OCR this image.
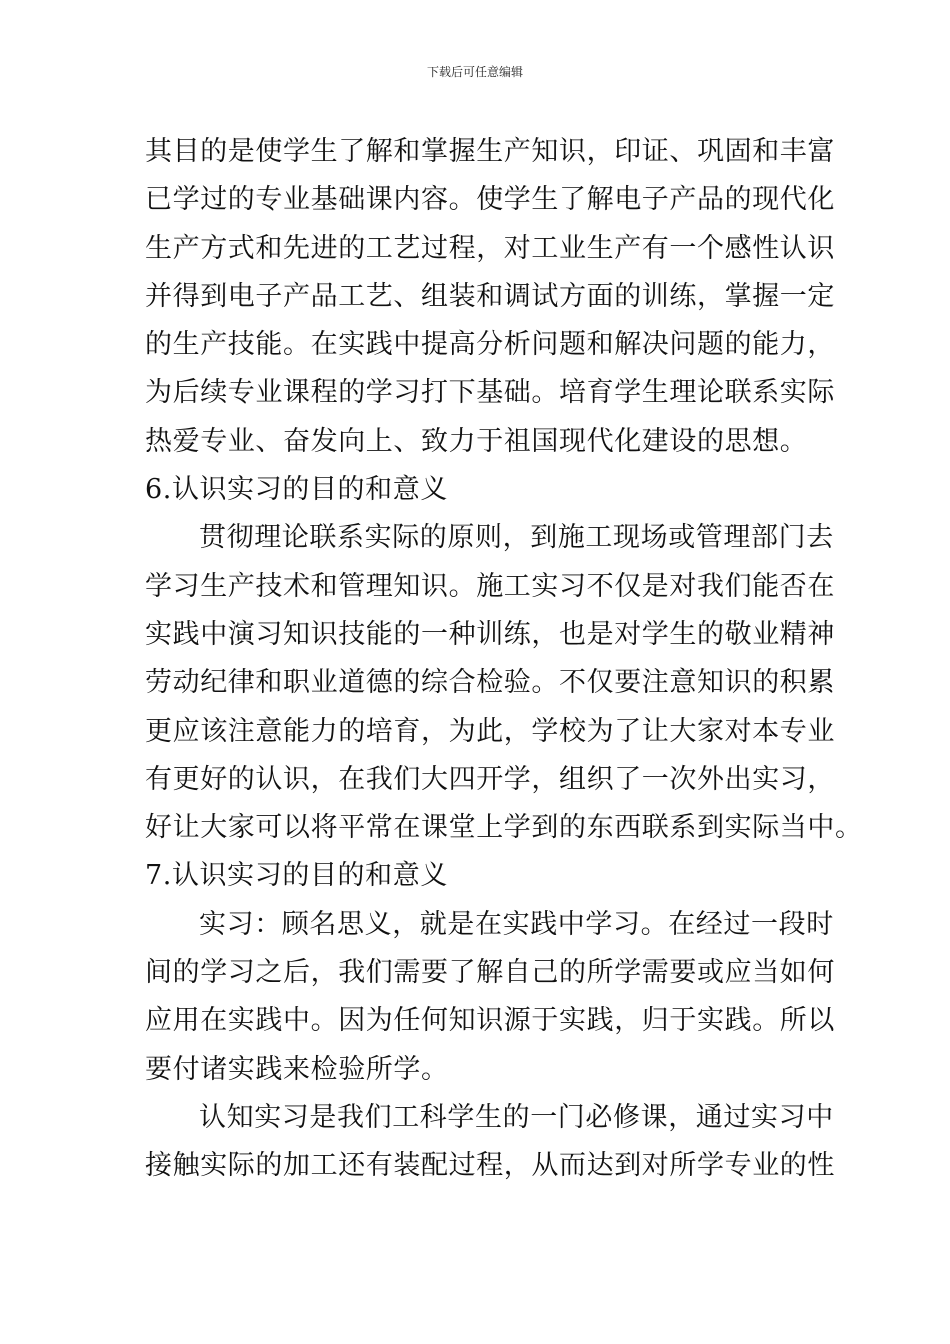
下载后可任意编辑
其目的是使学生了解和掌握生产知识，印证、巩固和丰富
已学过的专业基础课内容。使学生了解电子产品的现代化
生产方式和先进的工艺过程，对工业生产有一个感性认识
并得到电子产品工艺、组装和调试方面的训练，掌握一定
的生产技能。在实践中提高分析问题和解决问题的能力，
为后续专业课程的学习打下基础。培育学生理论联系实际
热爱专业、奋发向上、致力于祖国现代化建设的思想。
6.认识实习的目的和意义
贯彻理论联系实际的原则，到施工现场或管理部门去
学习生产技术和管理知识。施工实习不仅是对我们能否在
实践中演习知识技能的一种训练，也是对学生的敬业精神
劳动纪律和职业道德的综合检验。不仅要注意知识的积累
更应该注意能力的培育，为此，学校为了让大家对本专业
有更好的认识，在我们大四开学，组织了一次外出实习，
好让大家可以将平常在课堂上学到的东西联系到实际当中。
7.认识实习的目的和意义
实习：顾名思义，就是在实践中学习。在经过一段时
间的学习之后，我们需要了解自己的所学需要或应当如何
应用在实践中。因为任何知识源于实践，归于实践。所以
要付诸实践来检验所学。
认知实习是我们工科学生的一门必修课，通过实习中
接触实际的加工还有装配过程，从而达到对所学专业的性
